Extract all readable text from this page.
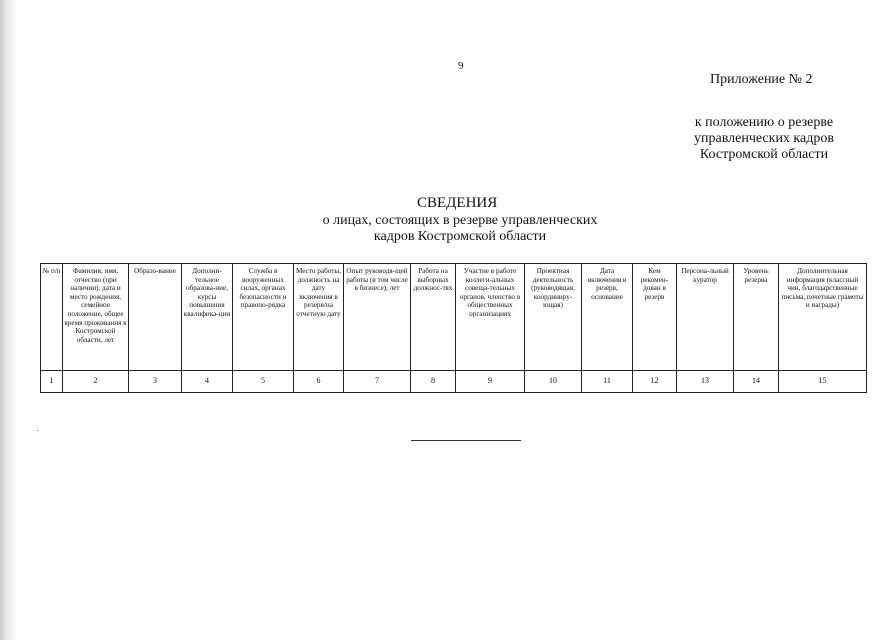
9
Приложение № 2
к положению о резерве
управленческих кадров
Костромской области
СВЕДЕНИЯ
о лицах, состоящих в резерве управленческих
кадров Костромской области
№ п/п	Фамилия, имя, отчество (при наличии), дата и место рождения, семейное положение, общее время проживания в Костромской области, лет	Образо-вание	Дополни-тельное образова-ние, курсы повышения квалифика-ции	Служба в вооруженных силах, органах безопасности и правопо-рядка	Место работы, должность на дату включения в резерв/на отчетную дату	Опыт руководя-щей работы (в том числе в бизнесе), лет	Работа на выборных должнос-тях	Участие в работе коллеги-альных совеща-тельных органов, членство в общественных организациях	Проектная деятельность (руководящая, координиру-ющая)	Дата включения в резерв, основание	Кем рекомен-дован в резерв	Персона-льный куратор	Уровень резерва	Дополнительная информация (классный чин, благодарственные письма, почетные грамоты и награды)
1	2	3	4	5	6	7	8	9	10	11	12	13	14	15
